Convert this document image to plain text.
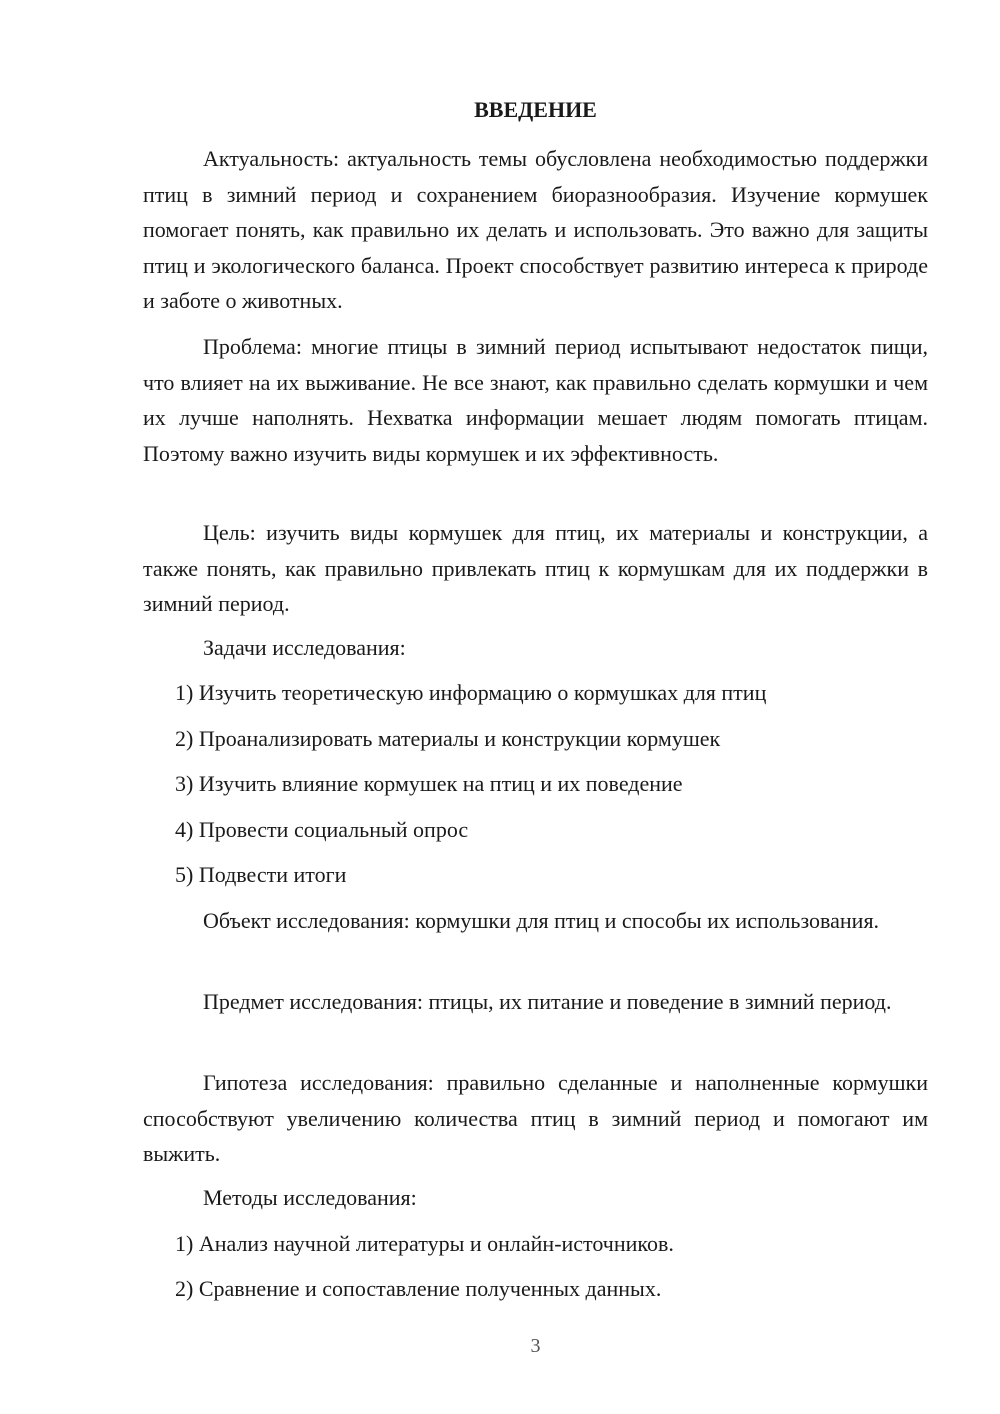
ВВЕДЕНИЕ

Актуальность: актуальность темы обусловлена необходимостью поддержки птиц в зимний период и сохранением биоразнообразия. Изучение кормушек помогает понять, как правильно их делать и использовать. Это важно для защиты птиц и экологического баланса. Проект способствует развитию интереса к природе и заботе о животных.

Проблема: многие птицы в зимний период испытывают недостаток пищи, что влияет на их выживание. Не все знают, как правильно сделать кормушки и чем их лучше наполнять. Нехватка информации мешает людям помогать птицам. Поэтому важно изучить виды кормушек и их эффективность.

Цель: изучить виды кормушек для птиц, их материалы и конструкции, а также понять, как правильно привлекать птиц к кормушкам для их поддержки в зимний период.

Задачи исследования:

1) Изучить теоретическую информацию о кормушках для птиц

2) Проанализировать материалы и конструкции кормушек

3) Изучить влияние кормушек на птиц и их поведение

4) Провести социальный опрос

5) Подвести итоги

Объект исследования: кормушки для птиц и способы их использования.

Предмет исследования: птицы, их питание и поведение в зимний период.

Гипотеза исследования: правильно сделанные и наполненные кормушки способствуют увеличению количества птиц в зимний период и помогают им выжить.

Методы исследования:

1) Анализ научной литературы и онлайн-источников.

2) Сравнение и сопоставление полученных данных.

3
